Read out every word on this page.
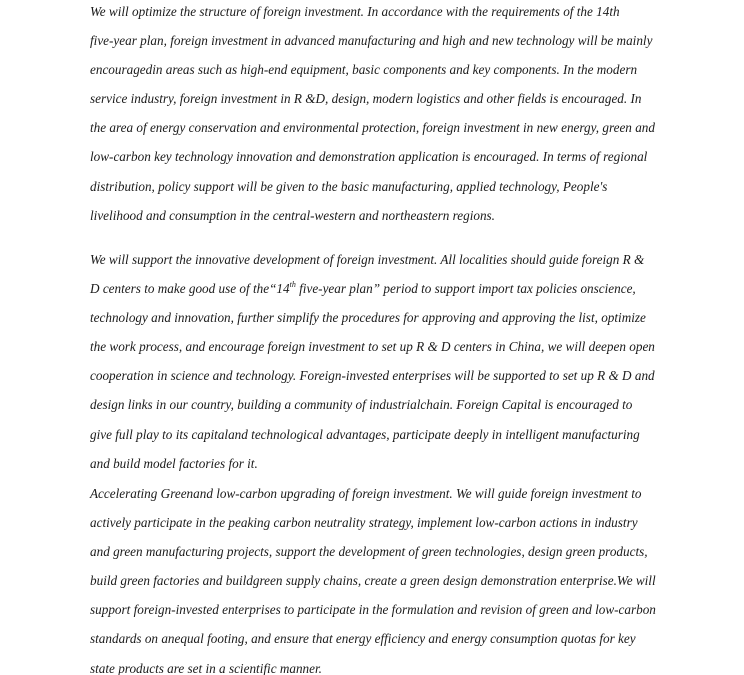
We will optimize the structure of foreign investment. In accordance with the requirements of the 14th
five-year plan, foreign investment in advanced manufacturing and high and new technology will be mainly
encouragedin areas such as high-end equipment, basic components and key components. In the modern
service industry, foreign investment in R &D, design, modern logistics and other fields is encouraged. In
the area of energy conservation and environmental protection, foreign investment in new energy, green and
low-carbon key technology innovation and demonstration application is encouraged. In terms of regional
distribution, policy support will be given to the basic manufacturing, applied technology, People's
livelihood and consumption in the central-western and northeastern regions.

We will support the innovative development of foreign investment. All localities should guide foreign R &
D centers to make good use of the“14th five-year plan” period to support import tax policies onscience,
technology and innovation, further simplify the procedures for approving and approving the list, optimize
the work process, and encourage foreign investment to set up R & D centers in China, we will deepen open
cooperation in science and technology. Foreign-invested enterprises will be supported to set up R & D and
design links in our country, building a community of industrialchain. Foreign Capital is encouraged to
give full play to its capitaland technological advantages, participate deeply in intelligent manufacturing
and build model factories for it.

Accelerating Greenand low-carbon upgrading of foreign investment. We will guide foreign investment to
actively participate in the peaking carbon neutrality strategy, implement low-carbon actions in industry
and green manufacturing projects, support the development of green technologies, design green products,
build green factories and buildgreen supply chains, create a green design demonstration enterprise.We will
support foreign-invested enterprises to participate in the formulation and revision of green and low-carbon
standards on anequal footing, and ensure that energy efficiency and energy consumption quotas for key
state products are set in a scientific manner.
